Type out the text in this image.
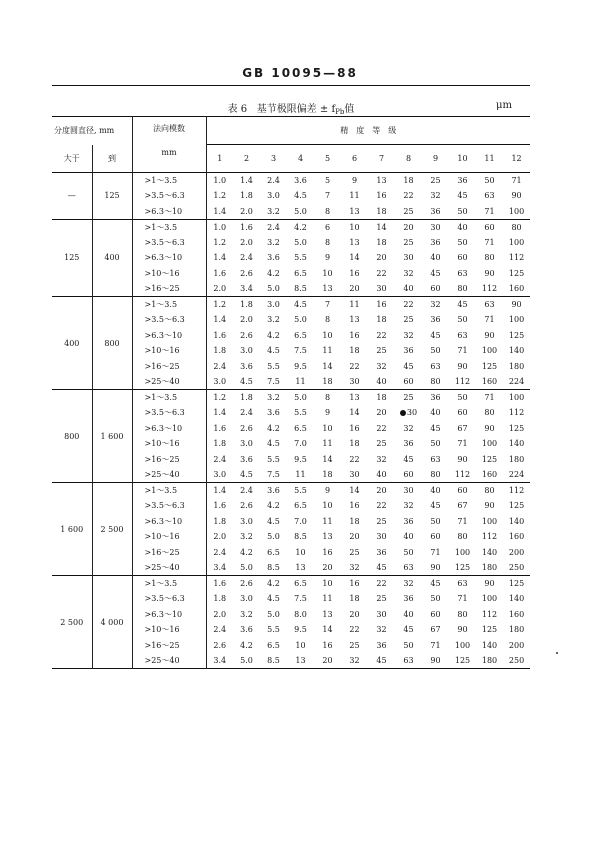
GB 10095—88
表 6 基节极限偏差 ± $f_{Pb}$值	μm
分度圆直径, mm		法向模数
mm	精　度　等　级											
大于	到		1	2	3	4	5	6	7	8	9	10	11	12
—	125	>1～3.5	1.0	1.4	2.4	3.6	5	9	13	18	25	36	50	71
		>3.5～6.3	1.2	1.8	3.0	4.5	7	11	16	22	32	45	63	90
		>6.3～10	1.4	2.0	3.2	5.0	8	13	18	25	36	50	71	100
125	400	>1～3.5	1.0	1.6	2.4	4.2	6	10	14	20	30	40	60	80
		>3.5～6.3	1.2	2.0	3.2	5.0	8	13	18	25	36	50	71	100
		>6.3～10	1.4	2.4	3.6	5.5	9	14	20	30	40	60	80	112
		>10～16	1.6	2.6	4.2	6.5	10	16	22	32	45	63	90	125
		>16～25	2.0	3.4	5.0	8.5	13	20	30	40	60	80	112	160
400	800	>1～3.5	1.2	1.8	3.0	4.5	7	11	16	22	32	45	63	90
		>3.5～6.3	1.4	2.0	3.2	5.0	8	13	18	25	36	50	71	100
		>6.3～10	1.6	2.6	4.2	6.5	10	16	22	32	45	63	90	125
		>10～16	1.8	3.0	4.5	7.5	11	18	25	36	50	71	100	140
		>16～25	2.4	3.6	5.5	9.5	14	22	32	45	63	90	125	180
		>25～40	3.0	4.5	7.5	11	18	30	40	60	80	112	160	224
800	1 600	>1～3.5	1.2	1.8	3.2	5.0	8	13	18	25	36	50	71	100
		>3.5～6.3	1.4	2.4	3.6	5.5	9	14	20	30	40	60	80	112
		>6.3～10	1.6	2.6	4.2	6.5	10	16	22	32	45	67	90	125
		>10～16	1.8	3.0	4.5	7.0	11	18	25	36	50	71	100	140
		>16～25	2.4	3.6	5.5	9.5	14	22	32	45	63	90	125	180
		>25～40	3.0	4.5	7.5	11	18	30	40	60	80	112	160	224
1 600	2 500	>1～3.5	1.4	2.4	3.6	5.5	9	14	20	30	40	60	80	112
		>3.5～6.3	1.6	2.6	4.2	6.5	10	16	22	32	45	67	90	125
		>6.3～10	1.8	3.0	4.5	7.0	11	18	25	36	50	71	100	140
		>10～16	2.0	3.2	5.0	8.5	13	20	30	40	60	80	112	160
		>16～25	2.4	4.2	6.5	10	16	25	36	50	71	100	140	200
		>25～40	3.4	5.0	8.5	13	20	32	45	63	90	125	180	250
2 500	4 000	>1～3.5	1.6	2.6	4.2	6.5	10	16	22	32	45	63	90	125
		>3.5～6.3	1.8	3.0	4.5	7.5	11	18	25	36	50	71	100	140
		>6.3～10	2.0	3.2	5.0	8.0	13	20	30	40	60	80	112	160
		>10～16	2.4	3.6	5.5	9.5	14	22	32	45	67	90	125	180
		>16～25	2.6	4.2	6.5	10	16	25	36	50	71	100	140	200
		>25～40	3.4	5.0	8.5	13	20	32	45	63	90	125	180	250
